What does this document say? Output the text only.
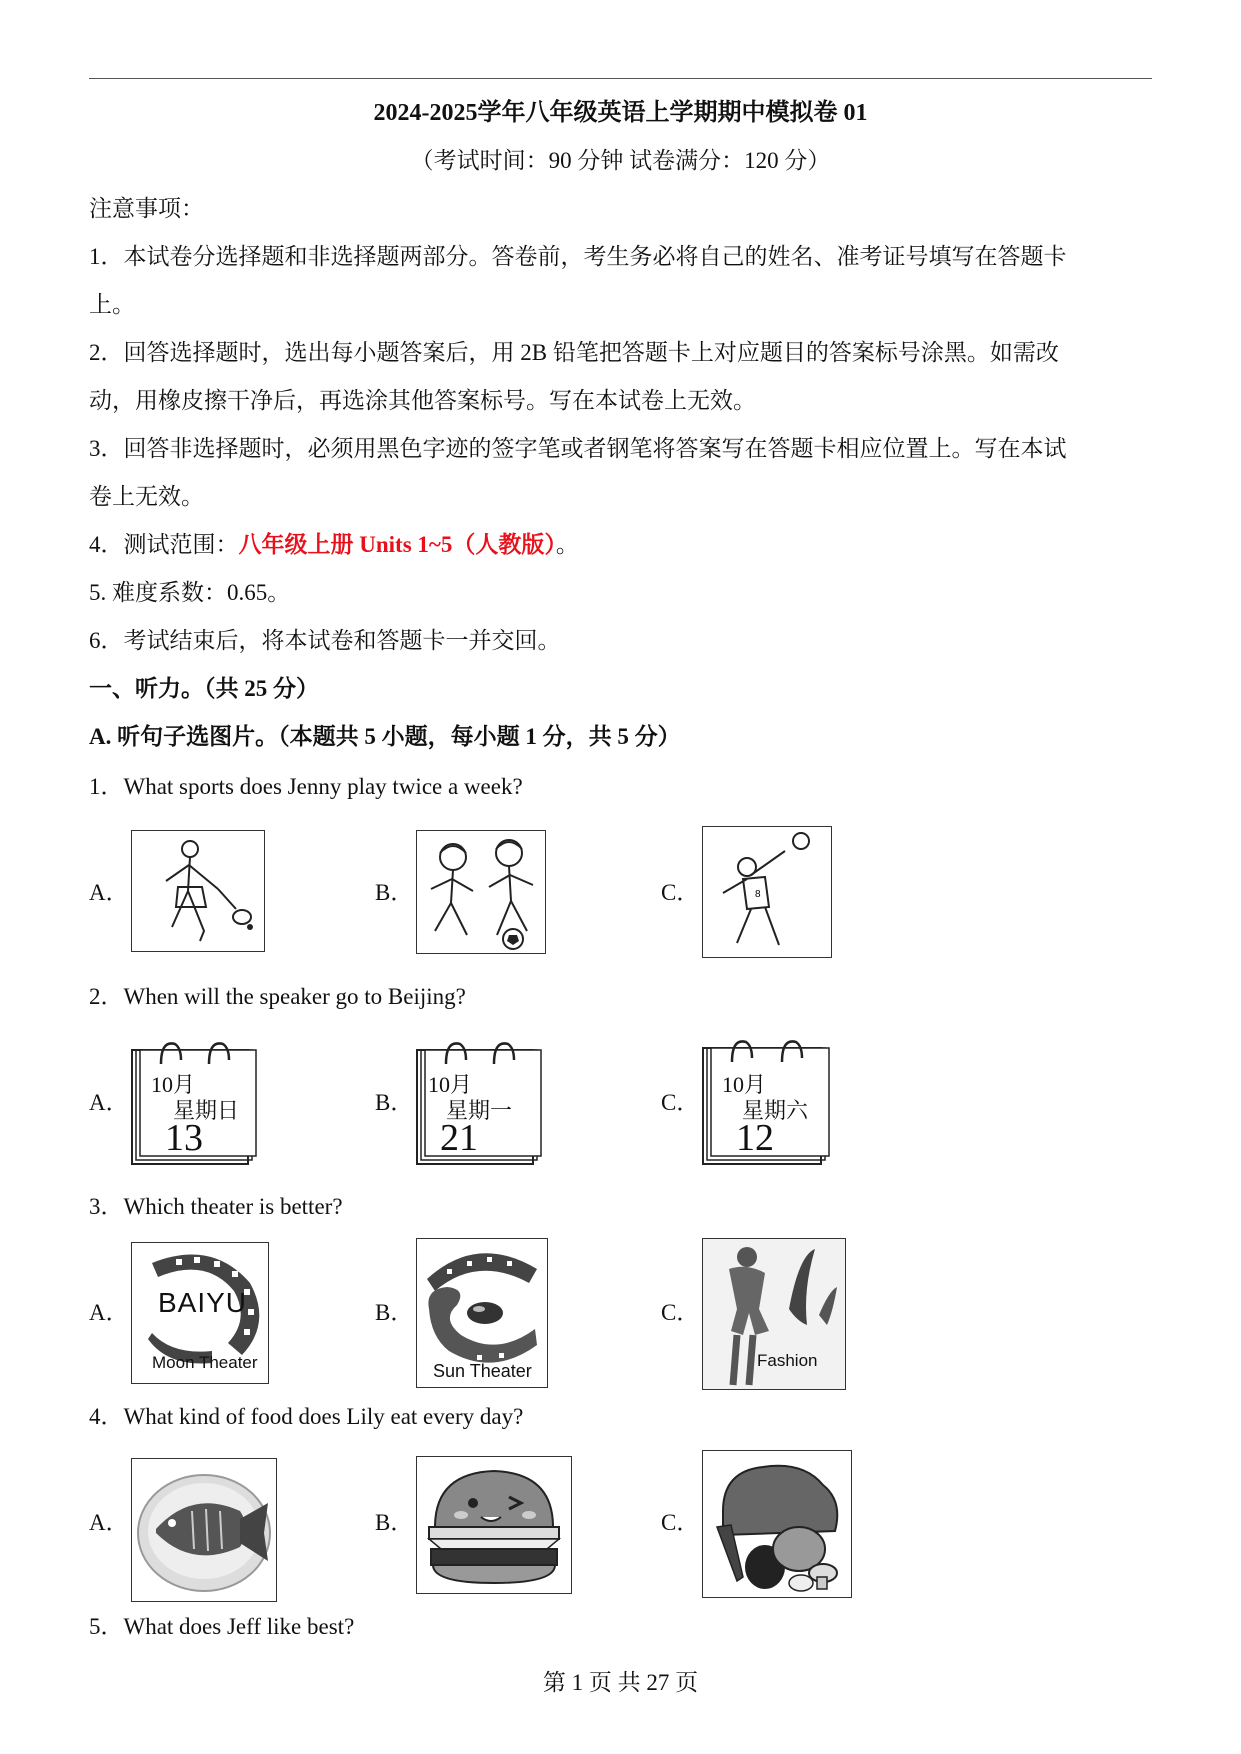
2024-2025学年八年级英语上学期期中模拟卷 01
（考试时间：90 分钟 试卷满分：120 分）
注意事项：
1．本试卷分选择题和非选择题两部分。答卷前，考生务必将自己的姓名、准考证号填写在答题卡
上。
2．回答选择题时，选出每小题答案后，用 2B 铅笔把答题卡上对应题目的答案标号涂黑。如需改
动，用橡皮擦干净后，再选涂其他答案标号。写在本试卷上无效。
3．回答非选择题时，必须用黑色字迹的签字笔或者钢笔将答案写在答题卡相应位置上。写在本试
卷上无效。
4．测试范围：八年级上册 Units 1~5（人教版）。
5. 难度系数：0.65。
6．考试结束后，将本试卷和答题卡一并交回。
一、听力。（共 25 分）
A. 听句子选图片。（本题共 5 小题，每小题 1 分，共 5 分）
1．What sports does Jenny play twice a week?
A．	B．	C．	8
2．When will the speaker go to Beijing?
A．
10月
星期日
13
B．
10月
星期一
21
C．
10月
星期六
12
3．Which theater is better?
A． BAIYU
Moon Theater
B．
Sun Theater
C．
Fashion
4．What kind of food does Lily eat every day?
A．	B．	C．
5．What does Jeff like best?
第 1 页 共 27 页
